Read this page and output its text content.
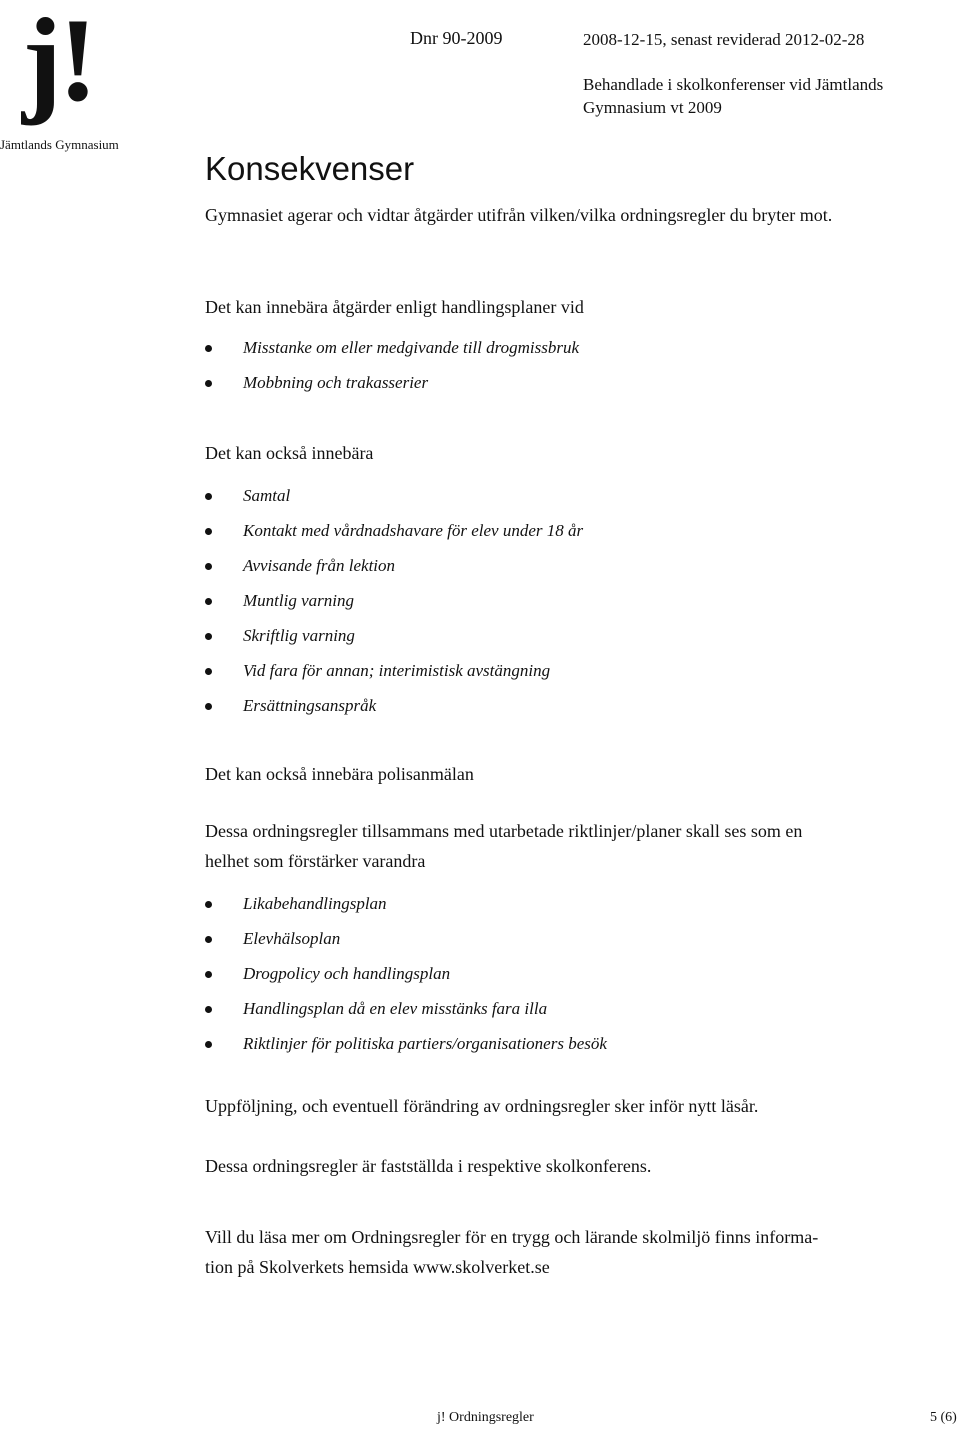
j!
Jämtlands Gymnasium
Dnr 90-2009	2008-12-15, senast reviderad 2012-02-28
Behandlade i skolkonferenser vid Jämtlands
Gymnasium vt 2009
Konsekvenser

Gymnasiet agerar och vidtar åtgärder utifrån vilken/vilka ordningsregler du bryter mot.

Det kan innebära åtgärder enligt handlingsplaner vid

Misstanke om eller medgivande till drogmissbruk
Mobbning och trakasserier

Det kan också innebära

Samtal
Kontakt med vårdnadshavare för elev under 18 år
Avvisande från lektion
Muntlig varning
Skriftlig varning
Vid fara för annan; interimistisk avstängning
Ersättningsanspråk

Det kan också innebära polisanmälan

Dessa ordningsregler tillsammans med utarbetade riktlinjer/planer skall ses som en
helhet som förstärker varandra
Likabehandlingsplan
Elevhälsoplan
Drogpolicy och handlingsplan
Handlingsplan då en elev misstänks fara illa
Riktlinjer för politiska partiers/organisationers besök

Uppföljning, och eventuell förändring av ordningsregler sker inför nytt läsår.

Dessa ordningsregler är fastställda i respektive skolkonferens.

Vill du läsa mer om Ordningsregler för en trygg och lärande skolmiljö finns informa-
tion på Skolverkets hemsida www.skolverket.se
j! Ordningsregler	5 (6)
